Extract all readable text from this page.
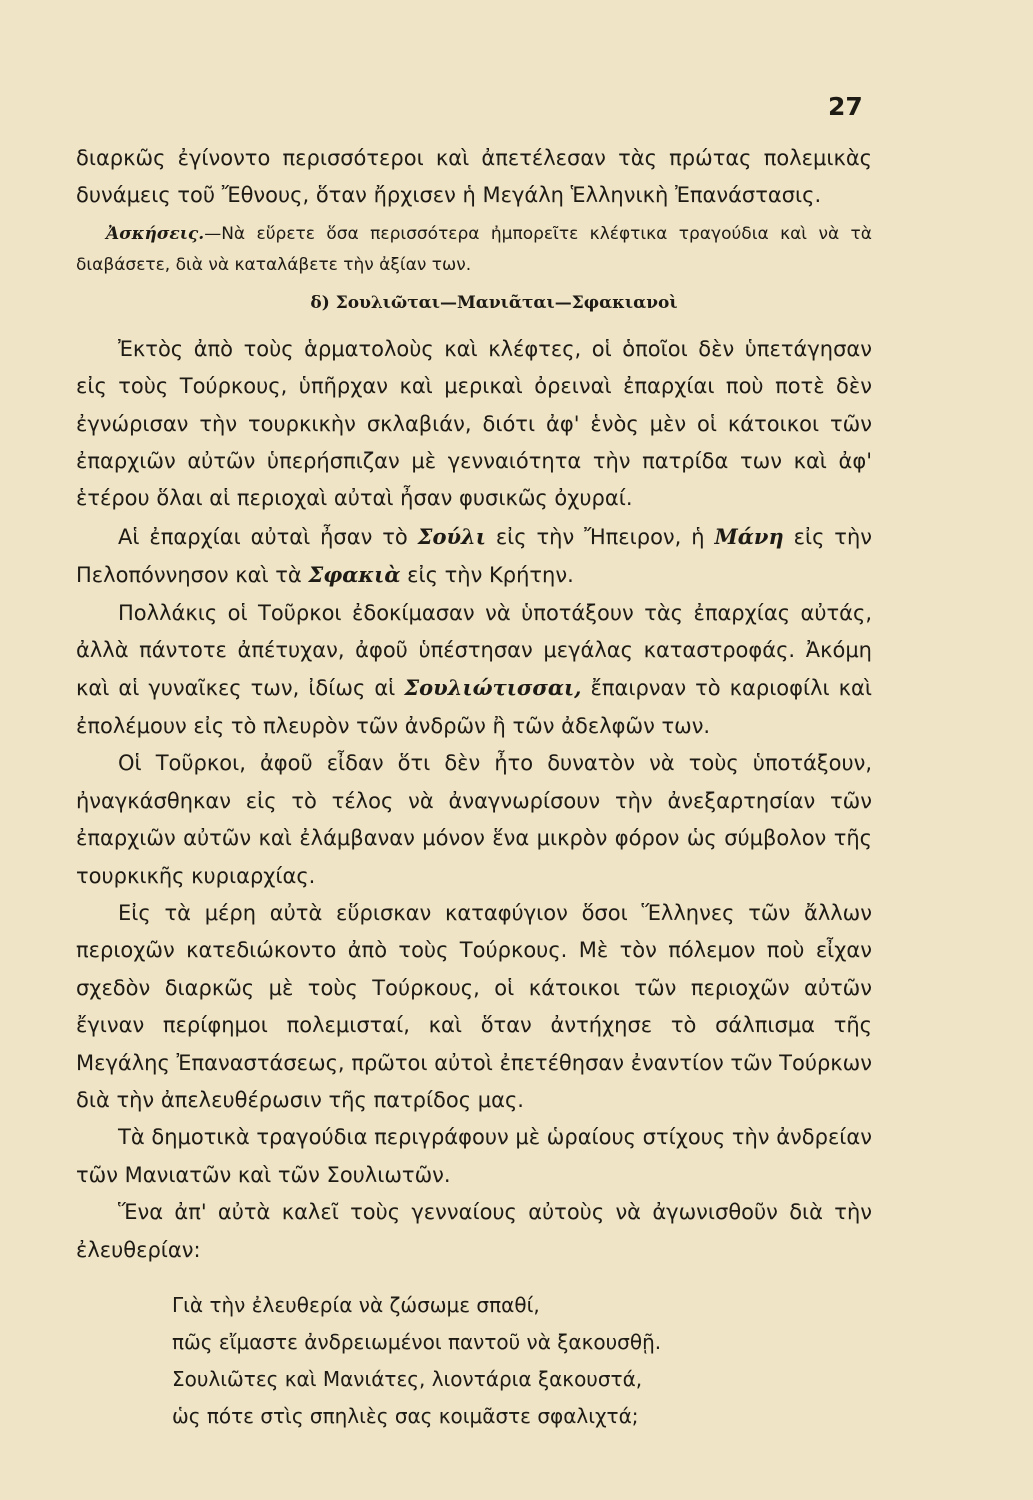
27

διαρκῶς ἐγίνοντο περισσότεροι καὶ ἀπετέλεσαν τὰς πρώτας πολεμικὰς δυνάμεις τοῦ Ἔθνους, ὅταν ἤρχισεν ἡ Μεγάλη Ἑλληνικὴ Ἐπανάστασις.

Ἀσκήσεις.—Νὰ εὕρετε ὅσα περισσότερα ἠμπορεῖτε κλέφτικα τραγούδια καὶ νὰ τὰ διαβάσετε, διὰ νὰ καταλάβετε τὴν ἀξίαν των.

δ) Σουλιῶται—Μανιᾶται—Σφακιανοὶ

Ἐκτὸς ἀπὸ τοὺς ἁρματολοὺς καὶ κλέφτες, οἱ ὁποῖοι δὲν ὑπετάγησαν εἰς τοὺς Τούρκους, ὑπῆρχαν καὶ μερικαὶ ὀρειναὶ ἐπαρχίαι ποὺ ποτὲ δὲν ἐγνώρισαν τὴν τουρκικὴν σκλαβιάν, διότι ἀφ' ἑνὸς μὲν οἱ κάτοικοι τῶν ἐπαρχιῶν αὐτῶν ὑπερήσπιζαν μὲ γενναιότητα τὴν πατρίδα των καὶ ἀφ' ἑτέρου ὅλαι αἱ περιοχαὶ αὐταὶ ἦσαν φυσικῶς ὀχυραί.

Αἱ ἐπαρχίαι αὐταὶ ἦσαν τὸ Σούλι εἰς τὴν Ἤπειρον, ἡ Μάνη εἰς τὴν Πελοπόννησον καὶ τὰ Σφακιὰ εἰς τὴν Κρήτην.

Πολλάκις οἱ Τοῦρκοι ἐδοκίμασαν νὰ ὑποτάξουν τὰς ἐπαρχίας αὐτάς, ἀλλὰ πάντοτε ἀπέτυχαν, ἀφοῦ ὑπέστησαν μεγάλας καταστροφάς. Ἀκόμη καὶ αἱ γυναῖκες των, ἰδίως αἱ Σουλιώτισσαι, ἔπαιρναν τὸ καριοφίλι καὶ ἐπολέμουν εἰς τὸ πλευρὸν τῶν ἀνδρῶν ἢ τῶν ἀδελφῶν των.

Οἱ Τοῦρκοι, ἀφοῦ εἶδαν ὅτι δὲν ἦτο δυνατὸν νὰ τοὺς ὑποτάξουν, ἠναγκάσθηκαν εἰς τὸ τέλος νὰ ἀναγνωρίσουν τὴν ἀνεξαρτησίαν τῶν ἐπαρχιῶν αὐτῶν καὶ ἐλάμβαναν μόνον ἕνα μικρὸν φόρον ὡς σύμβολον τῆς τουρκικῆς κυριαρχίας.

Εἰς τὰ μέρη αὐτὰ εὕρισκαν καταφύγιον ὅσοι Ἕλληνες τῶν ἄλλων περιοχῶν κατεδιώκοντο ἀπὸ τοὺς Τούρκους. Μὲ τὸν πόλεμον ποὺ εἶχαν σχεδὸν διαρκῶς μὲ τοὺς Τούρκους, οἱ κάτοικοι τῶν περιοχῶν αὐτῶν ἔγιναν περίφημοι πολεμισταί, καὶ ὅταν ἀντήχησε τὸ σάλπισμα τῆς Μεγάλης Ἐπαναστάσεως, πρῶτοι αὐτοὶ ἐπετέθησαν ἐναντίον τῶν Τούρκων διὰ τὴν ἀπελευθέρωσιν τῆς πατρίδος μας.

Τὰ δημοτικὰ τραγούδια περιγράφουν μὲ ὡραίους στίχους τὴν ἀνδρείαν τῶν Μανιατῶν καὶ τῶν Σουλιωτῶν.

Ἕνα ἀπ' αὐτὰ καλεῖ τοὺς γενναίους αὐτοὺς νὰ ἀγωνισθοῦν διὰ τὴν ἐλευθερίαν:

Γιὰ τὴν ἐλευθερία νὰ ζώσωμε σπαθί,
πῶς εἴμαστε ἀνδρειωμένοι παντοῦ νὰ ξακουσθῇ.
Σουλιῶτες καὶ Μανιάτες, λιοντάρια ξακουστά,
ὡς πότε στὶς σπηλιὲς σας κοιμᾶστε σφαλιχτά;
